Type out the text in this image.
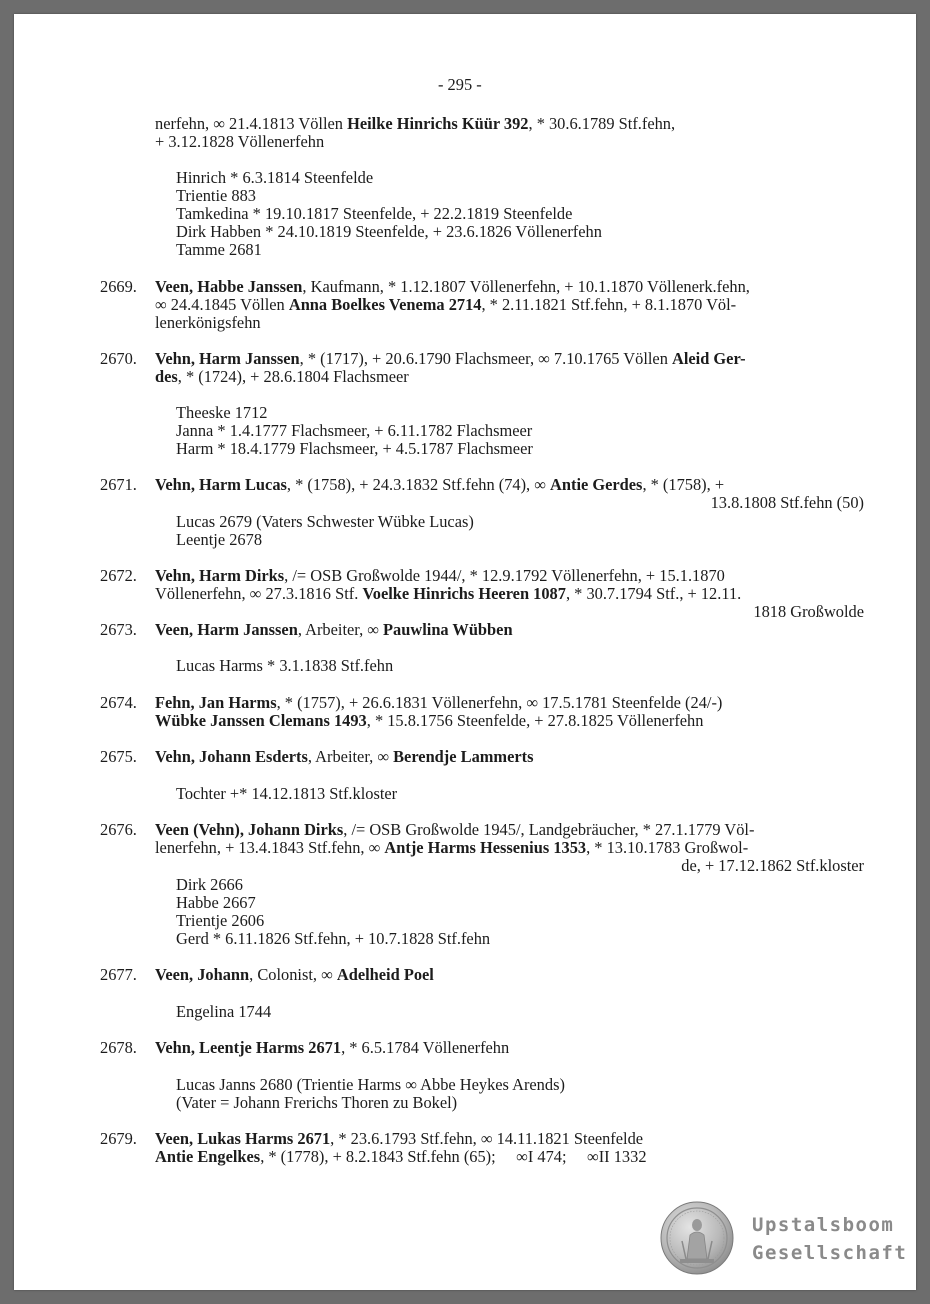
- 295 -
nerfehn, ∞ 21.4.1813 Völlen Heilke Hinrichs Küür 392, * 30.6.1789 Stf.fehn,
+ 3.12.1828 Völlenerfehn
Hinrich * 6.3.1814 Steenfelde
Trientie 883
Tamkedina * 19.10.1817 Steenfelde, + 22.2.1819 Steenfelde
Dirk Habben * 24.10.1819 Steenfelde, + 23.6.1826 Völlenerfehn
Tamme 2681
2669. Veen, Habbe Janssen, Kaufmann, * 1.12.1807 Völlenerfehn, + 10.1.1870 Völlenerk.fehn,
∞ 24.4.1845 Völlen Anna Boelkes Venema 2714, * 2.11.1821 Stf.fehn, + 8.1.1870 Völ-
lenerkönigsfehn
2670. Vehn, Harm Janssen, * (1717), + 20.6.1790 Flachsmeer, ∞ 7.10.1765 Völlen Aleid Ger-
des, * (1724), + 28.6.1804 Flachsmeer
Theeske 1712
Janna * 1.4.1777 Flachsmeer, + 6.11.1782 Flachsmeer
Harm * 18.4.1779 Flachsmeer, + 4.5.1787 Flachsmeer
2671. Vehn, Harm Lucas, * (1758), + 24.3.1832 Stf.fehn (74), ∞ Antie Gerdes, * (1758), +
13.8.1808 Stf.fehn (50)
Lucas 2679 (Vaters Schwester Wübke Lucas)
Leentje 2678
2672. Vehn, Harm Dirks, /= OSB Großwolde 1944/, * 12.9.1792 Völlenerfehn, + 15.1.1870
Völlenerfehn, ∞ 27.3.1816 Stf. Voelke Hinrichs Heeren 1087, * 30.7.1794 Stf., + 12.11.
1818 Großwolde
2673. Veen, Harm Janssen, Arbeiter, ∞ Pauwlina Wübben
Lucas Harms * 3.1.1838 Stf.fehn
2674. Fehn, Jan Harms, * (1757), + 26.6.1831 Völlenerfehn, ∞ 17.5.1781 Steenfelde (24/-)
Wübke Janssen Clemans 1493, * 15.8.1756 Steenfelde, + 27.8.1825 Völlenerfehn
2675. Vehn, Johann Esderts, Arbeiter, ∞ Berendje Lammerts
Tochter +* 14.12.1813 Stf.kloster
2676. Veen (Vehn), Johann Dirks, /= OSB Großwolde 1945/, Landgebräucher, * 27.1.1779 Völ-
lenerfehn, + 13.4.1843 Stf.fehn, ∞ Antje Harms Hessenius 1353, * 13.10.1783 Großwol-
de, + 17.12.1862 Stf.kloster
Dirk 2666
Habbe 2667
Trientje 2606
Gerd * 6.11.1826 Stf.fehn, + 10.7.1828 Stf.fehn
2677. Veen, Johann, Colonist, ∞ Adelheid Poel
Engelina 1744
2678. Vehn, Leentje Harms 2671, * 6.5.1784 Völlenerfehn
Lucas Janns 2680 (Trientie Harms ∞ Abbe Heykes Arends)
(Vater = Johann Frerichs Thoren zu Bokel)
2679. Veen, Lukas Harms 2671, * 23.6.1793 Stf.fehn, ∞ 14.11.1821 Steenfelde
Antie Engelkes, * (1778), + 8.2.1843 Stf.fehn (65);     ∞I 474;     ∞II 1332
Upstalsboom
Gesellschaft
